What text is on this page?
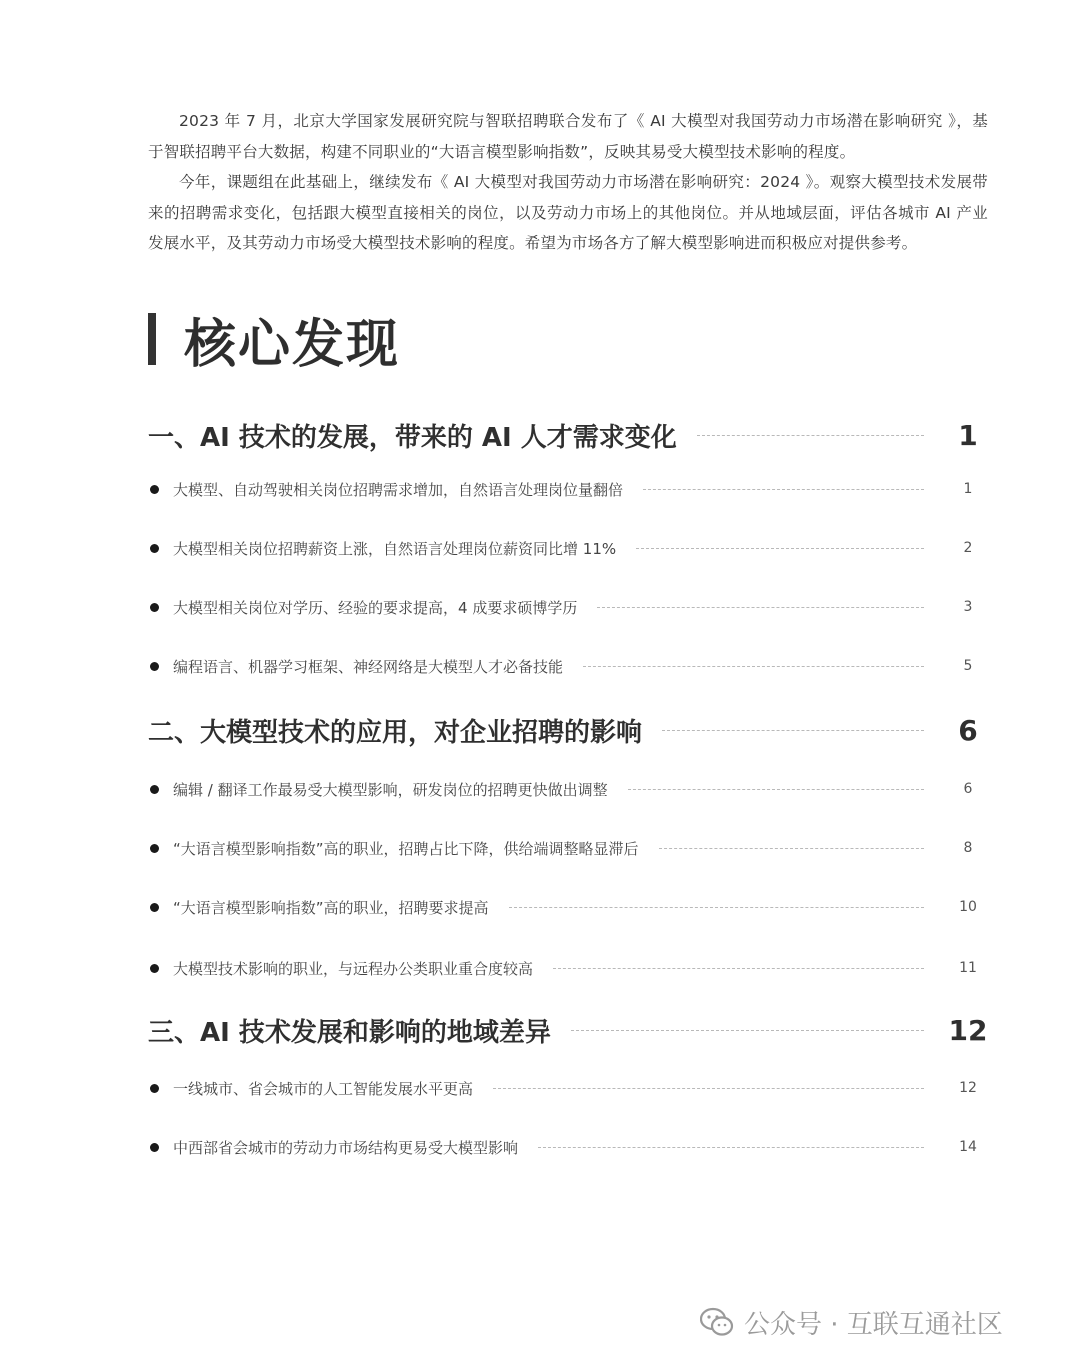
2023 年 7 月，北京大学国家发展研究院与智联招聘联合发布了《 AI 大模型对我国劳动力市场潜在影响研究 》，基于智联招聘平台大数据，构建不同职业的“大语言模型影响指数”，反映其易受大模型技术影响的程度。

今年，课题组在此基础上，继续发布《 AI 大模型对我国劳动力市场潜在影响研究：2024 》。观察大模型技术发展带来的招聘需求变化，包括跟大模型直接相关的岗位，以及劳动力市场上的其他岗位。并从地域层面，评估各城市 AI 产业发展水平，及其劳动力市场受大模型技术影响的程度。希望为市场各方了解大模型影响进而积极应对提供参考。

核心发现
一、AI 技术的发展，带来的 AI 人才需求变化	1
大模型、自动驾驶相关岗位招聘需求增加，自然语言处理岗位量翻倍	1
大模型相关岗位招聘薪资上涨，自然语言处理岗位薪资同比增 11%	2
大模型相关岗位对学历、经验的要求提高，4 成要求硕博学历	3
编程语言、机器学习框架、神经网络是大模型人才必备技能	5
二、大模型技术的应用，对企业招聘的影响	6
编辑 / 翻译工作最易受大模型影响，研发岗位的招聘更快做出调整	6
“大语言模型影响指数”高的职业，招聘占比下降，供给端调整略显滞后	8
“大语言模型影响指数”高的职业，招聘要求提高	10
大模型技术影响的职业，与远程办公类职业重合度较高	11
三、AI 技术发展和影响的地域差异	12
一线城市、省会城市的人工智能发展水平更高	12
中西部省会城市的劳动力市场结构更易受大模型影响	14
公众号 · 互联互通社区
